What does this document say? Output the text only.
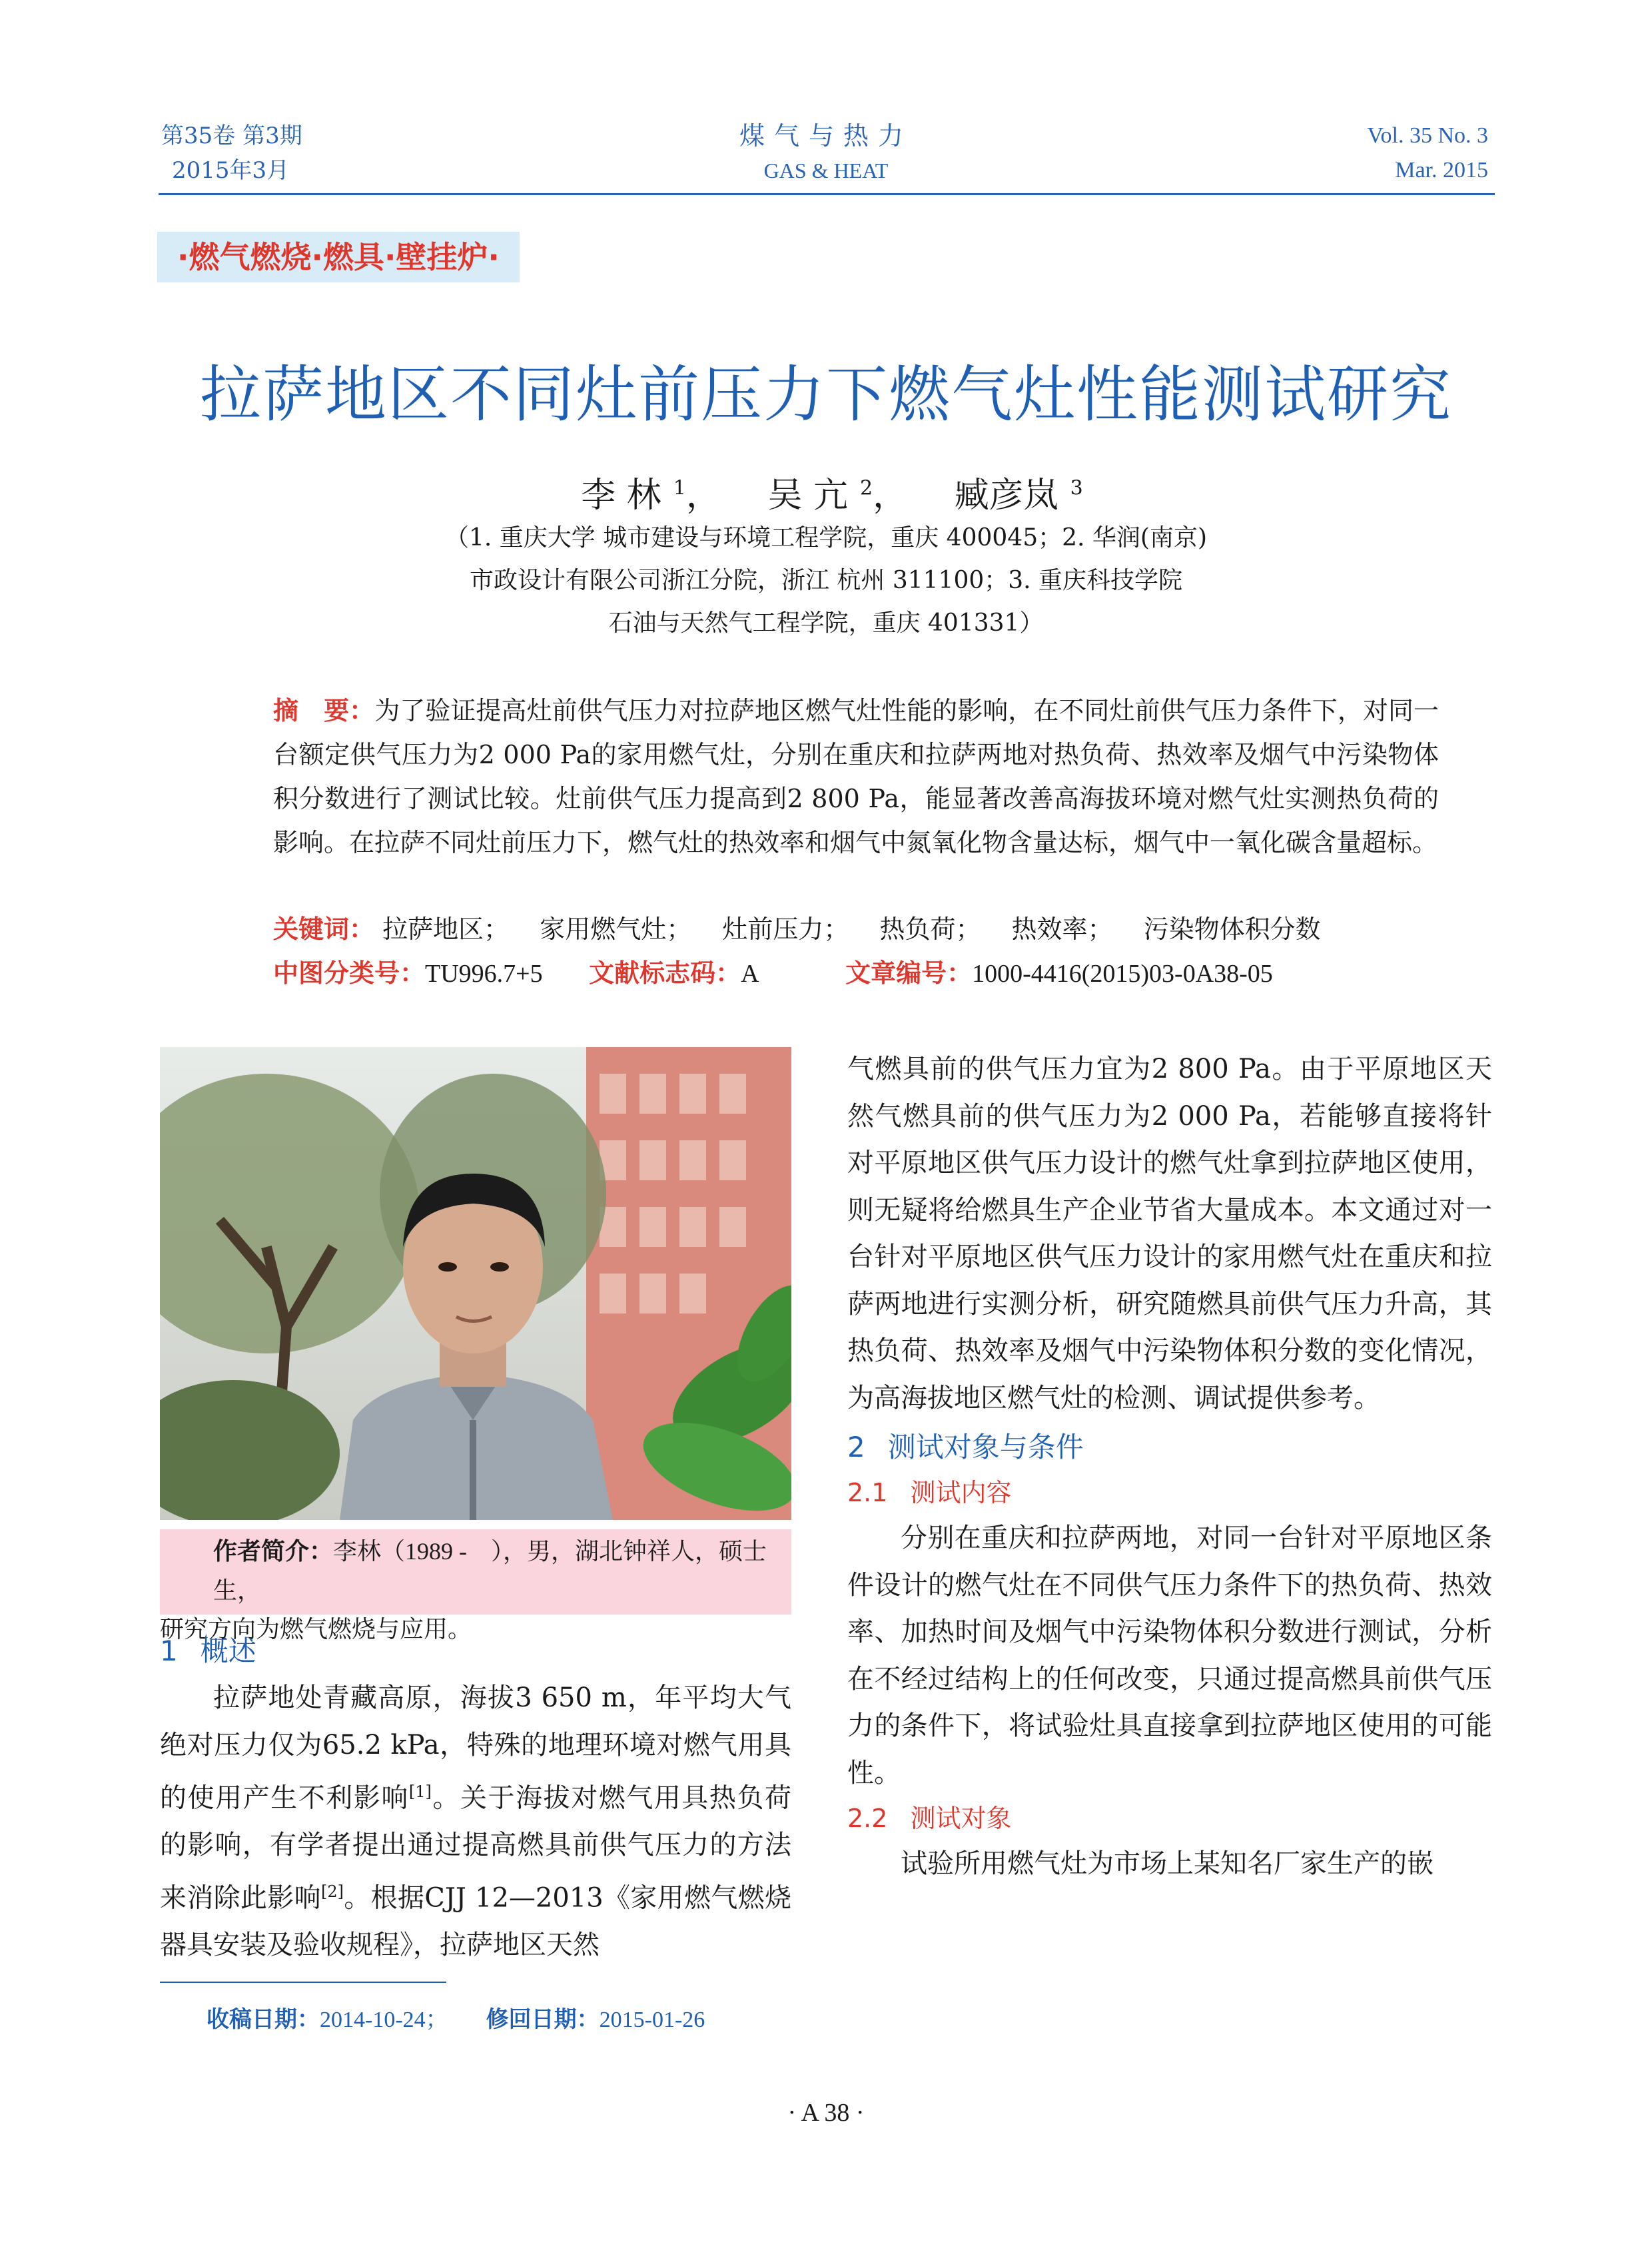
第35卷 第3期
2015年3月
煤气与热力
GAS & HEAT
Vol. 35 No. 3
Mar. 2015
·燃气燃烧·燃具·壁挂炉·
拉萨地区不同灶前压力下燃气灶性能测试研究
李 林 $^1$， 吴 亢 $^2$， 臧彦岚 $^3$
（1. 重庆大学 城市建设与环境工程学院，重庆 400045；2. 华润(南京)
市政设计有限公司浙江分院，浙江 杭州 311100；3. 重庆科技学院
石油与天然气工程学院，重庆 401331）
摘　要：为了验证提高灶前供气压力对拉萨地区燃气灶性能的影响，在不同灶前供气压力条件下，对同一台额定供气压力为2 000 Pa的家用燃气灶，分别在重庆和拉萨两地对热负荷、热效率及烟气中污染物体积分数进行了测试比较。灶前供气压力提高到2 800 Pa，能显著改善高海拔环境对燃气灶实测热负荷的影响。在拉萨不同灶前压力下，燃气灶的热效率和烟气中氮氧化物含量达标，烟气中一氧化碳含量超标。
关键词： 拉萨地区； 家用燃气灶； 灶前压力； 热负荷； 热效率； 污染物体积分数
中图分类号：TU996.7+5 文献标志码：A	文章编号：1000-4416(2015)03-0A38-05
作者简介：李林（1989 -　），男，湖北钟祥人，硕士生，
研究方向为燃气燃烧与应用。
1 概述

拉萨地处青藏高原，海拔3 650 m，年平均大气绝对压力仅为65.2 kPa，特殊的地理环境对燃气用具的使用产生不利影响[1]。关于海拔对燃气用具热负荷的影响，有学者提出通过提高燃具前供气压力的方法来消除此影响[2]。根据CJJ 12—2013《家用燃气燃烧器具安装及验收规程》，拉萨地区天然

气燃具前的供气压力宜为2 800 Pa。由于平原地区天然气燃具前的供气压力为2 000 Pa，若能够直接将针对平原地区供气压力设计的燃气灶拿到拉萨地区使用，则无疑将给燃具生产企业节省大量成本。本文通过对一台针对平原地区供气压力设计的家用燃气灶在重庆和拉萨两地进行实测分析，研究随燃具前供气压力升高，其热负荷、热效率及烟气中污染物体积分数的变化情况，为高海拔地区燃气灶的检测、调试提供参考。

2 测试对象与条件
2.1 测试内容

分别在重庆和拉萨两地，对同一台针对平原地区条件设计的燃气灶在不同供气压力条件下的热负荷、热效率、加热时间及烟气中污染物体积分数进行测试，分析在不经过结构上的任何改变，只通过提高燃具前供气压力的条件下，将试验灶具直接拿到拉萨地区使用的可能性。

2.2 测试对象

试验所用燃气灶为市场上某知名厂家生产的嵌

收稿日期：2014-10-24； 修回日期：2015-01-26
· A 38 ·
